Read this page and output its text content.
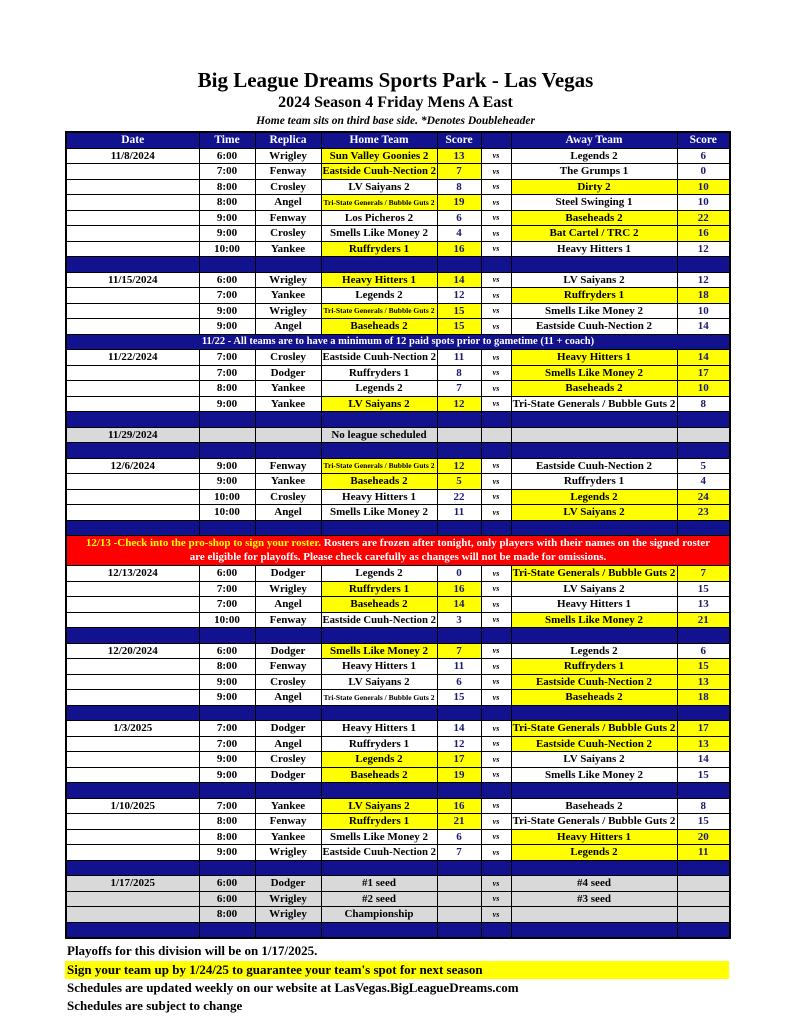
Big League Dreams Sports Park - Las Vegas
2024 Season 4 Friday Mens A East
Home team sits on third base side. *Denotes Doubleheader
Date	Time	Replica	Home Team	Score		Away Team	Score
11/8/2024	6:00	Wrigley	Sun Valley Goonies 2	13	vs	Legends 2	6
	7:00	Fenway	Eastside Cuuh-Nection 2	7	vs	The Grumps 1	0
	8:00	Crosley	LV Saiyans 2	8	vs	Dirty 2	10
	8:00	Angel	Tri-State Generals / Bubble Guts 2	19	vs	Steel Swinging 1	10
	9:00	Fenway	Los Picheros 2	6	vs	Baseheads 2	22
	9:00	Crosley	Smells Like Money 2	4	vs	Bat Cartel / TRC 2	16
	10:00	Yankee	Ruffryders 1	16	vs	Heavy Hitters 1	12

11/15/2024	6:00	Wrigley	Heavy Hitters 1	14	vs	LV Saiyans 2	12
	7:00	Yankee	Legends 2	12	vs	Ruffryders 1	18
	9:00	Wrigley	Tri-State Generals / Bubble Guts 2	15	vs	Smells Like Money 2	10
	9:00	Angel	Baseheads 2	15	vs	Eastside Cuuh-Nection 2	14
11/22 - All teams are to have a minimum of 12 paid spots prior to gametime (11 + coach)							
11/22/2024	7:00	Crosley	Eastside Cuuh-Nection 2	11	vs	Heavy Hitters 1	14
	7:00	Dodger	Ruffryders 1	8	vs	Smells Like Money 2	17
	8:00	Yankee	Legends 2	7	vs	Baseheads 2	10
	9:00	Yankee	LV Saiyans 2	12	vs	Tri-State Generals / Bubble Guts 2	8

11/29/2024			No league scheduled				

12/6/2024	9:00	Fenway	Tri-State Generals / Bubble Guts 2	12	vs	Eastside Cuuh-Nection 2	5
	9:00	Yankee	Baseheads 2	5	vs	Ruffryders 1	4
	10:00	Crosley	Heavy Hitters 1	22	vs	Legends 2	24
	10:00	Angel	Smells Like Money 2	11	vs	LV Saiyans 2	23

12/13 -Check into the pro-shop to sign your roster. Rosters are frozen after tonight, only players with their names on the signed roster
are eligible for playoffs. Please check carefully as changes will not be made for omissions.							

12/13/2024	6:00	Dodger	Legends 2	0	vs	Tri-State Generals / Bubble Guts 2	7
	7:00	Wrigley	Ruffryders 1	16	vs	LV Saiyans 2	15
	7:00	Angel	Baseheads 2	14	vs	Heavy Hitters 1	13
	10:00	Fenway	Eastside Cuuh-Nection 2	3	vs	Smells Like Money 2	21

12/20/2024	6:00	Dodger	Smells Like Money 2	7	vs	Legends 2	6
	8:00	Fenway	Heavy Hitters 1	11	vs	Ruffryders 1	15
	9:00	Crosley	LV Saiyans 2	6	vs	Eastside Cuuh-Nection 2	13
	9:00	Angel	Tri-State Generals / Bubble Guts 2	15	vs	Baseheads 2	18

1/3/2025	7:00	Dodger	Heavy Hitters 1	14	vs	Tri-State Generals / Bubble Guts 2	17
	7:00	Angel	Ruffryders 1	12	vs	Eastside Cuuh-Nection 2	13
	9:00	Crosley	Legends 2	17	vs	LV Saiyans 2	14
	9:00	Dodger	Baseheads 2	19	vs	Smells Like Money 2	15

1/10/2025	7:00	Yankee	LV Saiyans 2	16	vs	Baseheads 2	8
	8:00	Fenway	Ruffryders 1	21	vs	Tri-State Generals / Bubble Guts 2	15
	8:00	Yankee	Smells Like Money 2	6	vs	Heavy Hitters 1	20
	9:00	Wrigley	Eastside Cuuh-Nection 2	7	vs	Legends 2	11

1/17/2025	6:00	Dodger	#1 seed		vs	#4 seed	
	6:00	Wrigley	#2 seed		vs	#3 seed	
	8:00	Wrigley	Championship		vs		

Playoffs for this division will be on 1/17/2025.
Sign your team up by 1/24/25 to guarantee your team's spot for next season
Schedules are updated weekly on our website at LasVegas.BigLeagueDreams.com
Schedules are subject to change
